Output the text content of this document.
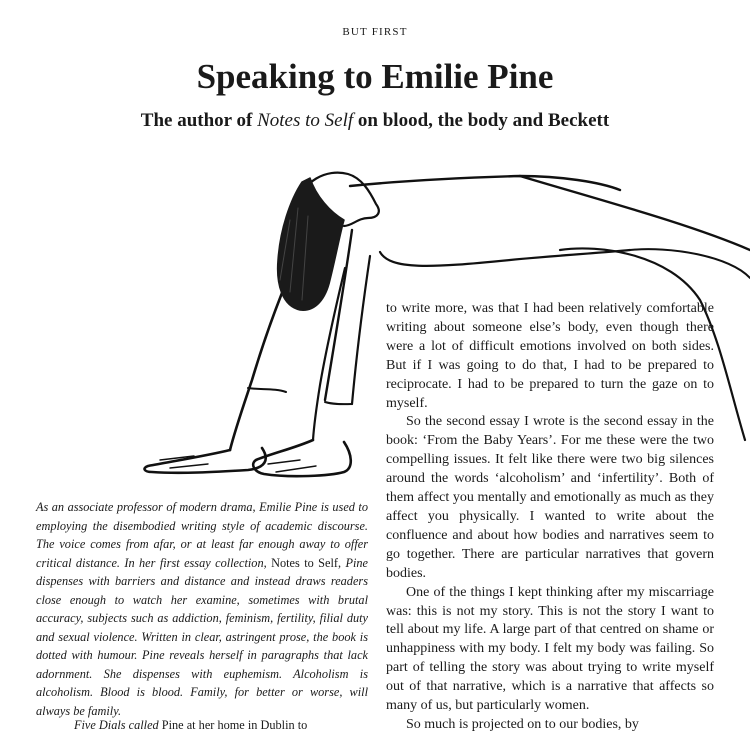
BUT FIRST
Speaking to Emilie Pine
The author of Notes to Self on blood, the body and Beckett

As an associate professor of modern drama, Emilie Pine is used to employing the disembodied writing style of academic discourse. The voice comes from afar, or at least far enough away to offer critical distance. In her first essay collection, Notes to Self, Pine dispenses with barriers and distance and instead draws readers close enough to watch her examine, sometimes with brutal accuracy, subjects such as addiction, feminism, fertility, filial duty and sexual violence. Written in clear, astringent prose, the book is dotted with humour. Pine reveals herself in paragraphs that lack adornment. She dispenses with euphemism. Alcoholism is alcoholism. Blood is blood. Family, for better or worse, will always be family.

Five Dials called Pine at her home in Dublin to

to write more, was that I had been relatively comfortable writing about someone else’s body, even though there were a lot of difficult emotions involved on both sides. But if I was going to do that, I had to be prepared to reciprocate. I had to be prepared to turn the gaze on to myself.

So the second essay I wrote is the second essay in the book: ‘From the Baby Years’. For me these were the two compelling issues. It felt like there were two big silences around the words ‘alcoholism’ and ‘infertility’. Both of them affect you mentally and emotionally as much as they affect you physically. I wanted to write about the confluence and about how bodies and narratives seem to go together. There are particular narratives that govern bodies.

One of the things I kept thinking after my miscarriage was: this is not my story. This is not the story I want to tell about my life. A large part of that centred on shame or unhappiness with my body. I felt my body was failing. So part of telling the story was about trying to write myself out of that narrative, which is a narrative that affects so many of us, but particularly women.

So much is projected on to our bodies, by
